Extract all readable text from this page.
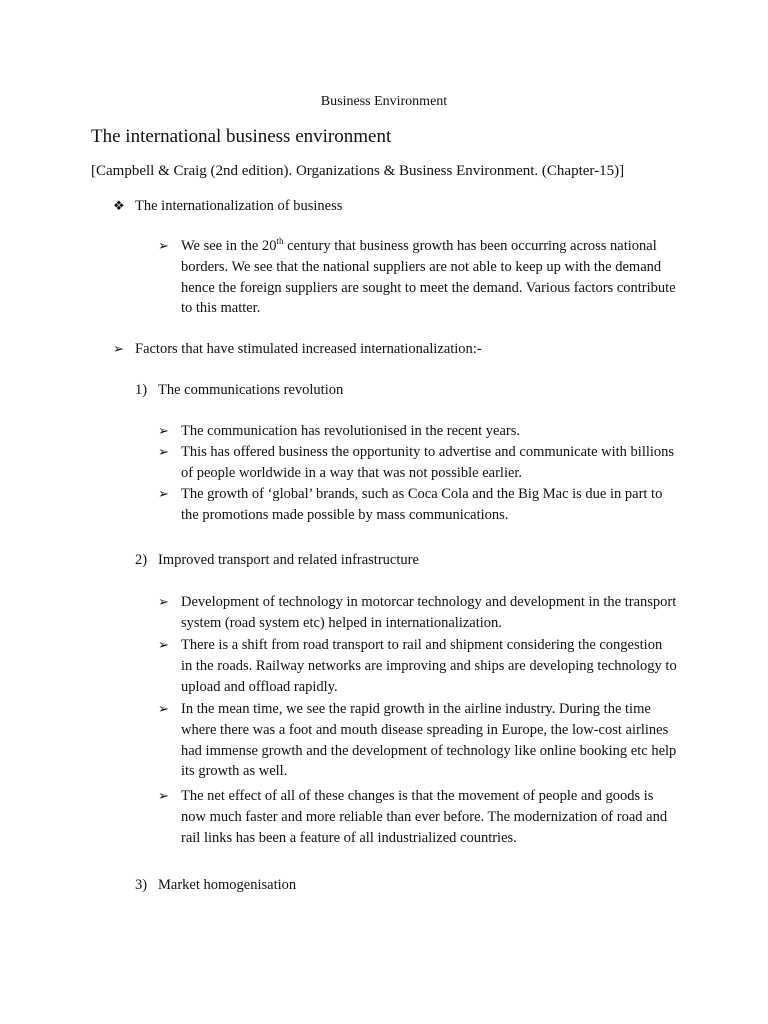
Business Environment
The international business environment
[Campbell & Craig (2nd edition). Organizations & Business Environment. (Chapter-15)]
❖ The internationalization of business
➢ We see in the 20th century that business growth has been occurring across national borders. We see that the national suppliers are not able to keep up with the demand hence the foreign suppliers are sought to meet the demand. Various factors contribute to this matter.
➢ Factors that have stimulated increased internationalization:-
1) The communications revolution
➢ The communication has revolutionised in the recent years.
➢ This has offered business the opportunity to advertise and communicate with billions of people worldwide in a way that was not possible earlier.
➢ The growth of ‘global’ brands, such as Coca Cola and the Big Mac is due in part to the promotions made possible by mass communications.
2) Improved transport and related infrastructure
➢ Development of technology in motorcar technology and development in the transport system (road system etc) helped in internationalization.
➢ There is a shift from road transport to rail and shipment considering the congestion in the roads. Railway networks are improving and ships are developing technology to upload and offload rapidly.
➢ In the mean time, we see the rapid growth in the airline industry. During the time where there was a foot and mouth disease spreading in Europe, the low-cost airlines had immense growth and the development of technology like online booking etc help its growth as well.
➢ The net effect of all of these changes is that the movement of people and goods is now much faster and more reliable than ever before. The modernization of road and rail links has been a feature of all industrialized countries.
3) Market homogenisation
